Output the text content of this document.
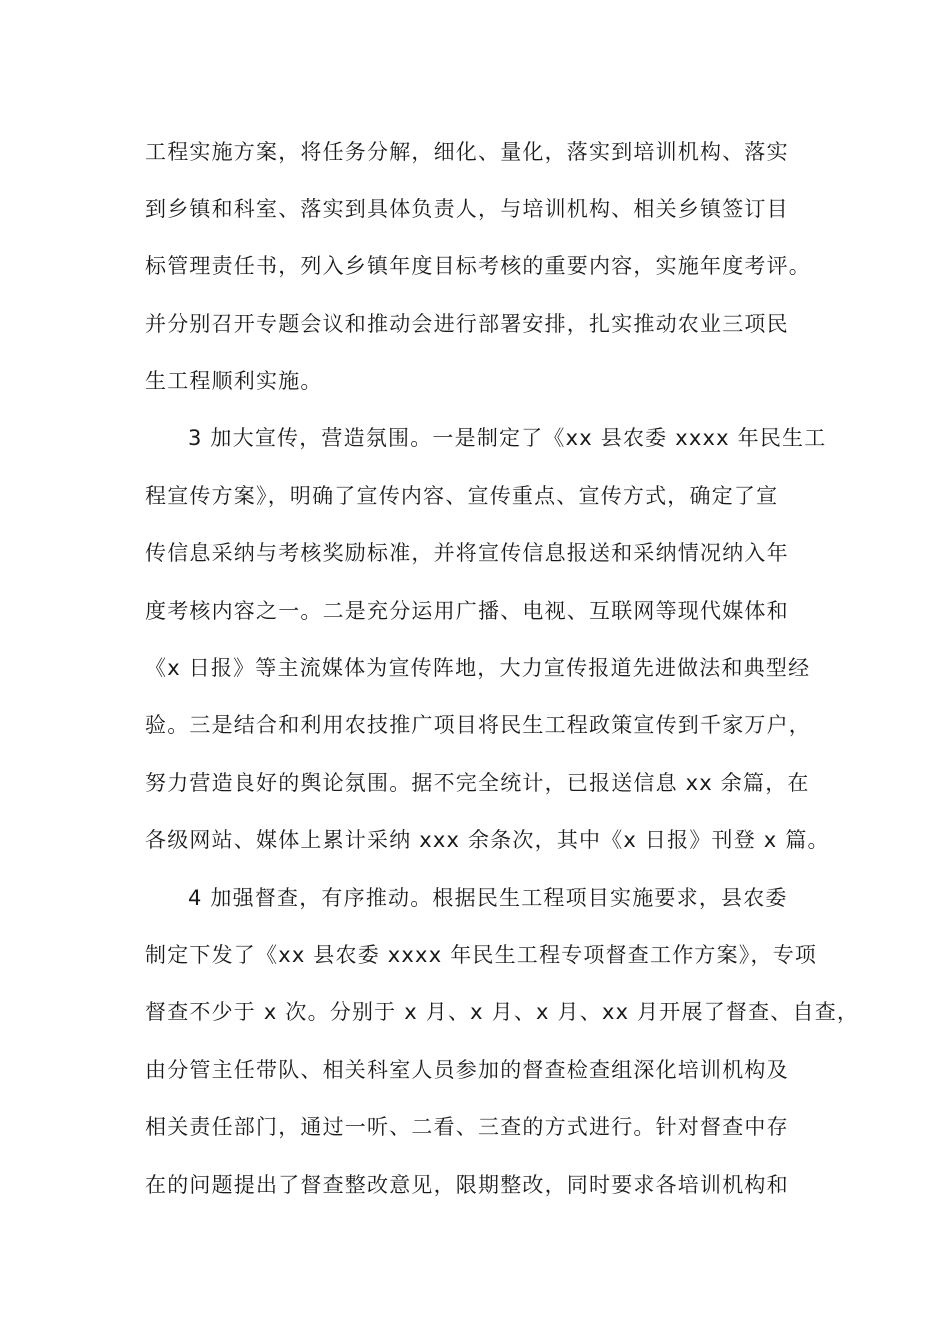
工程实施方案，将任务分解，细化、量化，落实到培训机构、落实
到乡镇和科室、落实到具体负责人，与培训机构、相关乡镇签订目
标管理责任书，列入乡镇年度目标考核的重要内容，实施年度考评。
并分别召开专题会议和推动会进行部署安排，扎实推动农业三项民
生工程顺利实施。
3 加大宣传，营造氛围。一是制定了《xx 县农委 xxxx 年民生工
程宣传方案》，明确了宣传内容、宣传重点、宣传方式，确定了宣
传信息采纳与考核奖励标准，并将宣传信息报送和采纳情况纳入年
度考核内容之一。二是充分运用广播、电视、互联网等现代媒体和
《x 日报》等主流媒体为宣传阵地，大力宣传报道先进做法和典型经
验。三是结合和利用农技推广项目将民生工程政策宣传到千家万户，
努力营造良好的舆论氛围。据不完全统计，已报送信息 xx 余篇，在
各级网站、媒体上累计采纳 xxx 余条次，其中《x 日报》刊登 x 篇。
4 加强督查，有序推动。根据民生工程项目实施要求，县农委
制定下发了《xx 县农委 xxxx 年民生工程专项督查工作方案》，专项
督查不少于 x 次。分别于 x 月、x 月、x 月、xx 月开展了督查、自查，
由分管主任带队、相关科室人员参加的督查检查组深化培训机构及
相关责任部门，通过一听、二看、三查的方式进行。针对督查中存
在的问题提出了督查整改意见，限期整改，同时要求各培训机构和
